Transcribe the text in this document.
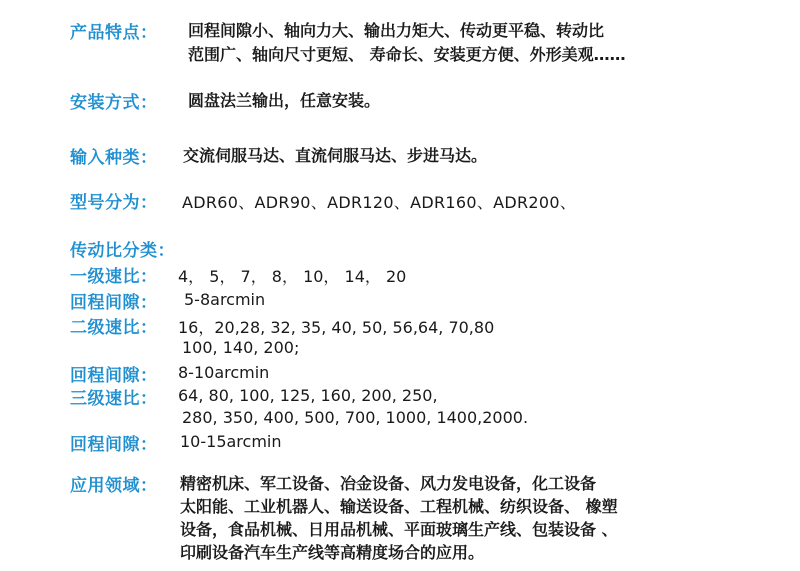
产品特点： 回程间隙小、轴向力大、输出力矩大、传动更平稳、转动比
范围广、轴向尺寸更短、 寿命长、安装更方便、外形美观……
安装方式： 圆盘法兰输出，任意安装。
输入种类： 交流伺服马达、直流伺服马达、步进马达。
型号分为： ADR60、ADR90、ADR120、ADR160、ADR200、
传动比分类：
一级速比： 4， 5， 7， 8， 10， 14， 20
回程间隙： 5-8arcmin
二级速比： 16，20,28, 32, 35, 40, 50, 56,64, 70,80
100, 140, 200;
回程间隙： 8-10arcmin
三级速比： 64, 80, 100, 125, 160, 200, 250,
280, 350, 400, 500, 700, 1000, 1400,2000.
回程间隙： 10-15arcmin
应用领域： 精密机床、军工设备、冶金设备、风力发电设备，化工设备
太阳能、工业机器人、输送设备、工程机械、纺织设备、 橡塑
设备，食品机械、日用品机械、平面玻璃生产线、包装设备 、
印刷设备汽车生产线等高精度场合的应用。
